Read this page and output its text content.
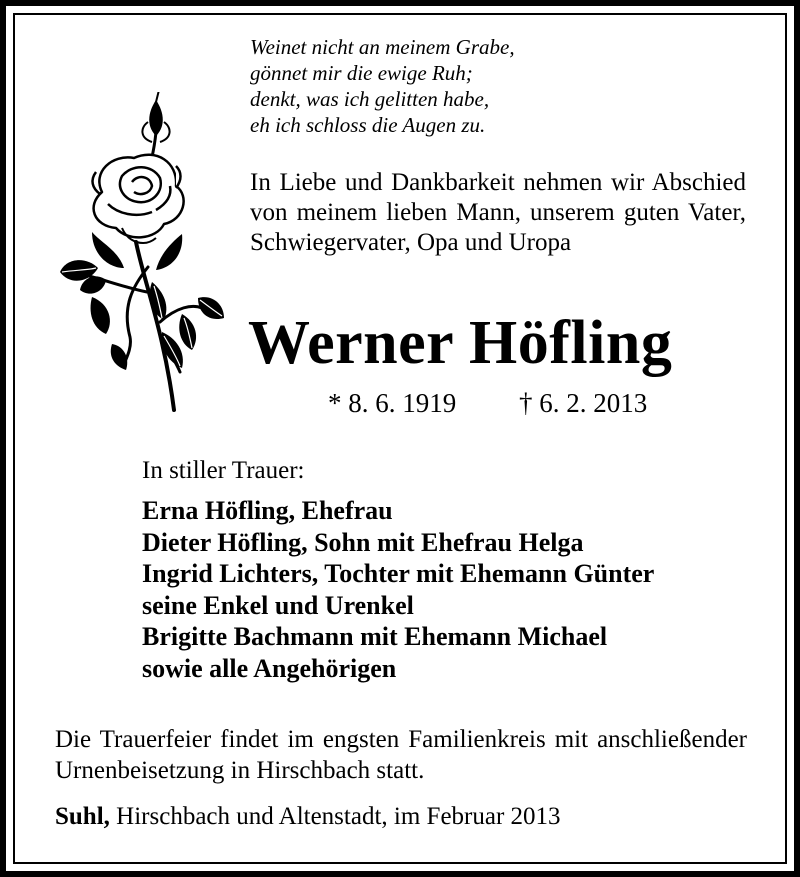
Weinet nicht an meinem Grabe,
gönnet mir die ewige Ruh;
denkt, was ich gelitten habe,
eh ich schloss die Augen zu.
In Liebe und Dankbarkeit nehmen wir Abschied von meinem lieben Mann, unserem guten Vater, Schwiegervater, Opa und Uropa
Werner Höfling
* 8. 6. 1919 † 6. 2. 2013
In stiller Trauer:
Erna Höfling, Ehefrau
Dieter Höfling, Sohn mit Ehefrau Helga
Ingrid Lichters, Tochter mit Ehemann Günter
seine Enkel und Urenkel
Brigitte Bachmann mit Ehemann Michael
sowie alle Angehörigen
Die Trauerfeier findet im engsten Familienkreis mit anschließender Urnenbeisetzung in Hirschbach statt.
Suhl, Hirschbach und Altenstadt, im Februar 2013
